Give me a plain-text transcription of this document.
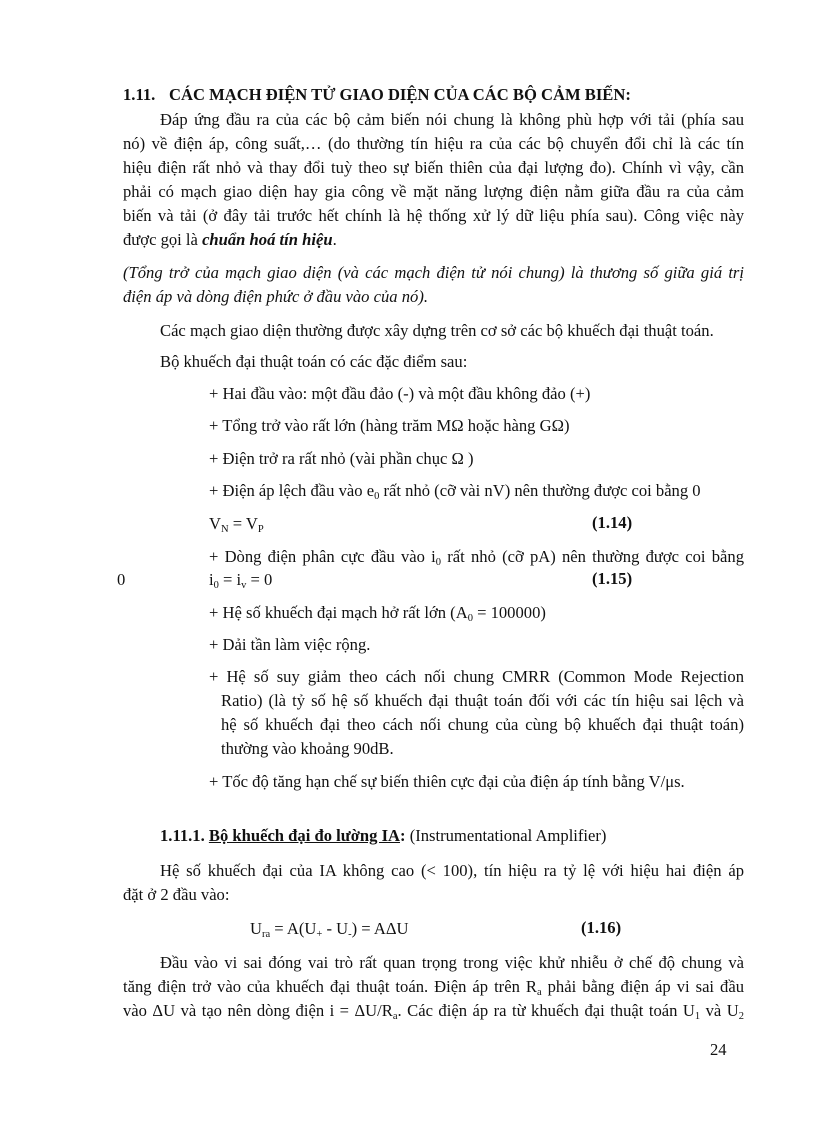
1.11. CÁC MẠCH ĐIỆN TỬ GIAO DIỆN CỦA CÁC BỘ CẢM BIẾN:
Đáp ứng đầu ra của các bộ cảm biến nói chung là không phù hợp với tải (phía sau
nó) về điện áp, công suất,… (do thường tín hiệu ra của các bộ chuyển đổi chỉ là các tín
hiệu điện rất nhỏ và thay đổi tuỳ theo sự biến thiên của đại lượng đo). Chính vì vậy, cần
phải có mạch giao diện hay gia công về mặt năng lượng điện nằm giữa đầu ra của cảm
biến và tải (ở đây tải trước hết chính là hệ thống xử lý dữ liệu phía sau). Công việc này
được gọi là chuẩn hoá tín hiệu.
(Tổng trở của mạch giao diện (và các mạch điện tử nói chung) là thương số giữa giá trị
điện áp và dòng điện phức ở đầu vào của nó).
Các mạch giao diện thường được xây dựng trên cơ sở các bộ khuếch đại thuật toán.
Bộ khuếch đại thuật toán có các đặc điểm sau:
+ Hai đầu vào: một đầu đảo (-) và một đầu không đảo (+)
+ Tổng trở vào rất lớn (hàng trăm MΩ hoặc hàng GΩ)
+ Điện trở ra rất nhỏ (vài phần chục Ω )
+ Điện áp lệch đầu vào $e_0$ rất nhỏ (cỡ vài nV) nên thường được coi bằng 0
$V_N = V_P$	(1.14)
+ Dòng điện phân cực đầu vào $i_0$ rất nhỏ (cỡ pA) nên thường được coi bằng
0	$i_0 = i_v = 0$	(1.15)
+ Hệ số khuếch đại mạch hở rất lớn $(A_0 = 100000)$
+ Dải tần làm việc rộng.
+ Hệ số suy giảm theo cách nối chung CMRR (Common Mode Rejection
Ratio) (là tỷ số hệ số khuếch đại thuật toán đối với các tín hiệu sai lệch và
hệ số khuếch đại theo cách nối chung của cùng bộ khuếch đại thuật toán)
thường vào khoảng 90dB.
+ Tốc độ tăng hạn chế sự biến thiên cực đại của điện áp tính bằng V/μs.
1.11.1. Bộ khuếch đại đo lường IA: (Instrumentational Amplifier)
Hệ số khuếch đại của IA không cao (< 100), tín hiệu ra tỷ lệ với hiệu hai điện áp
đặt ở 2 đầu vào:
$U_{ra} = A(U_+ - U_-) = A\Delta U$	(1.16)
Đầu vào vi sai đóng vai trò rất quan trọng trong việc khử nhiễu ở chế độ chung và
tăng điện trở vào của khuếch đại thuật toán. Điện áp trên $R_a$ phải bằng điện áp vi sai đầu
vào ΔU và tạo nên dòng điện $i = \Delta U/R_a$. Các điện áp ra từ khuếch đại thuật toán $U_1$ và $U_2$
24
